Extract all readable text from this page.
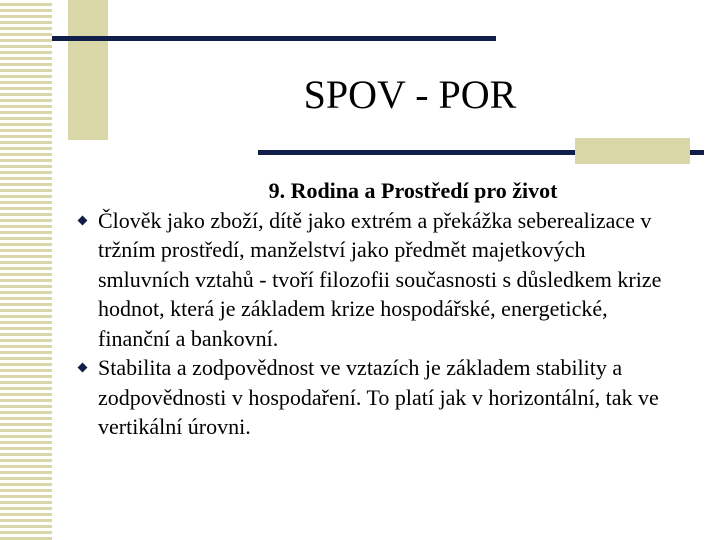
SPOV - POR
9. Rodina a Prostředí pro život
Člověk jako zboží, dítě jako extrém a překážka seberealizace v tržním prostředí, manželství jako předmět majetkových smluvních vztahů - tvoří filozofii současnosti s důsledkem krize hodnot, která je základem krize hospodářské, energetické, finanční a bankovní.
Stabilita a zodpovědnost ve vztazích je základem stability a zodpovědnosti v hospodaření. To platí jak v horizontální, tak ve vertikální úrovni.
